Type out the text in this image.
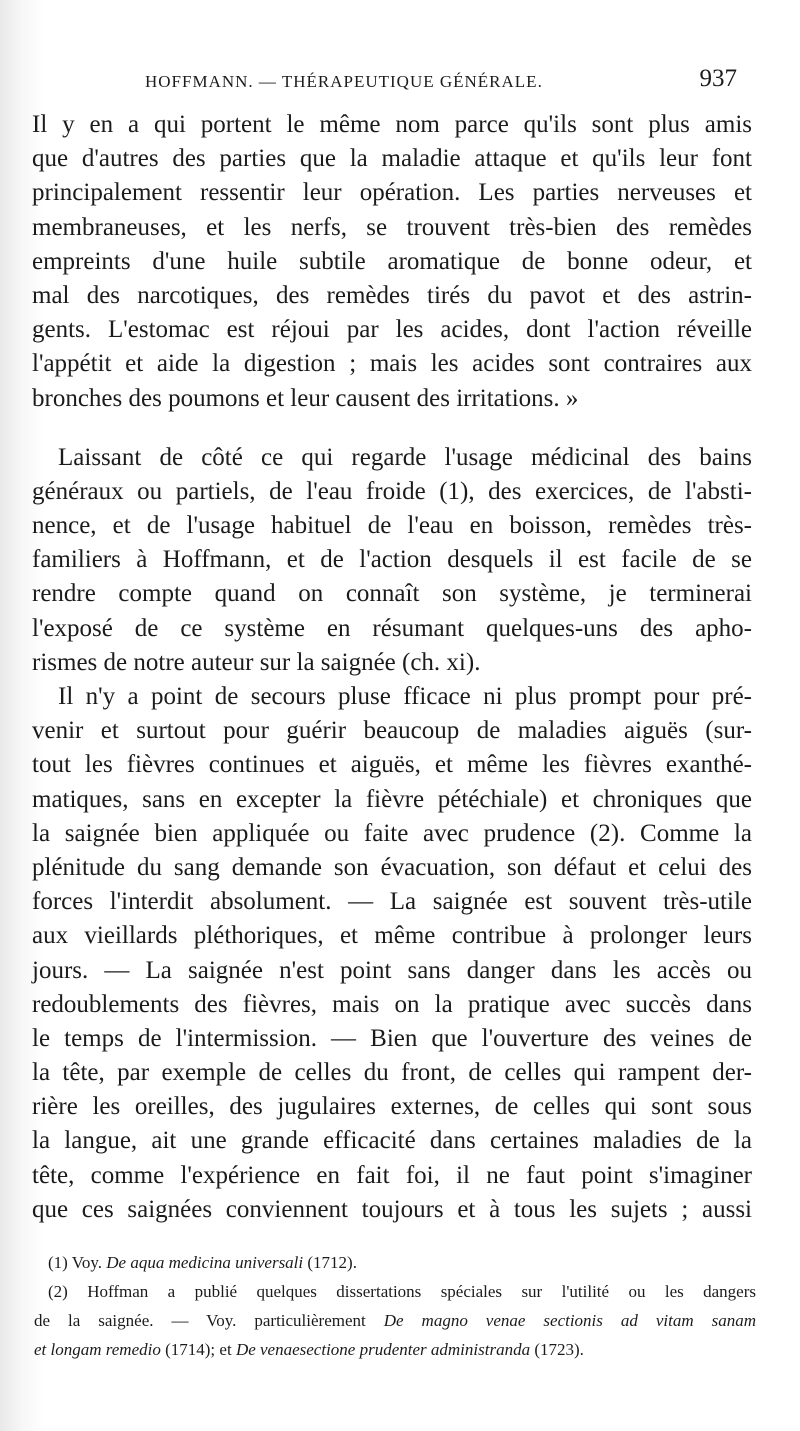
HOFFMANN. — THÉRAPEUTIQUE GÉNÉRALE.	937
Il y en a qui portent le même nom parce qu'ils sont plus amis
que d'autres des parties que la maladie attaque et qu'ils leur font
principalement ressentir leur opération. Les parties nerveuses et
membraneuses, et les nerfs, se trouvent très-bien des remèdes
empreints d'une huile subtile aromatique de bonne odeur, et
mal des narcotiques, des remèdes tirés du pavot et des astrin-
gents. L'estomac est réjoui par les acides, dont l'action réveille
l'appétit et aide la digestion ; mais les acides sont contraires aux
bronches des poumons et leur causent des irritations. »
Laissant de côté ce qui regarde l'usage médicinal des bains
généraux ou partiels, de l'eau froide (1), des exercices, de l'absti-
nence, et de l'usage habituel de l'eau en boisson, remèdes très-
familiers à Hoffmann, et de l'action desquels il est facile de se
rendre compte quand on connaît son système, je terminerai
l'exposé de ce système en résumant quelques-uns des apho-
rismes de notre auteur sur la saignée (ch. xi).
Il n'y a point de secours pluse fficace ni plus prompt pour pré-
venir et surtout pour guérir beaucoup de maladies aiguës (sur-
tout les fièvres continues et aiguës, et même les fièvres exanthé-
matiques, sans en excepter la fièvre pétéchiale) et chroniques que
la saignée bien appliquée ou faite avec prudence (2). Comme la
plénitude du sang demande son évacuation, son défaut et celui des
forces l'interdit absolument. — La saignée est souvent très-utile
aux vieillards pléthoriques, et même contribue à prolonger leurs
jours. — La saignée n'est point sans danger dans les accès ou
redoublements des fièvres, mais on la pratique avec succès dans
le temps de l'intermission. — Bien que l'ouverture des veines de
la tête, par exemple de celles du front, de celles qui rampent der-
rière les oreilles, des jugulaires externes, de celles qui sont sous
la langue, ait une grande efficacité dans certaines maladies de la
tête, comme l'expérience en fait foi, il ne faut point s'imaginer
que ces saignées conviennent toujours et à tous les sujets ; aussi
(1) Voy. De aqua medicina universali (1712).
(2) Hoffman a publié quelques dissertations spéciales sur l'utilité ou les dangers
de la saignée. — Voy. particulièrement De magno venae sectionis ad vitam sanam
et longam remedio (1714); et De venaesectione prudenter administranda (1723).
